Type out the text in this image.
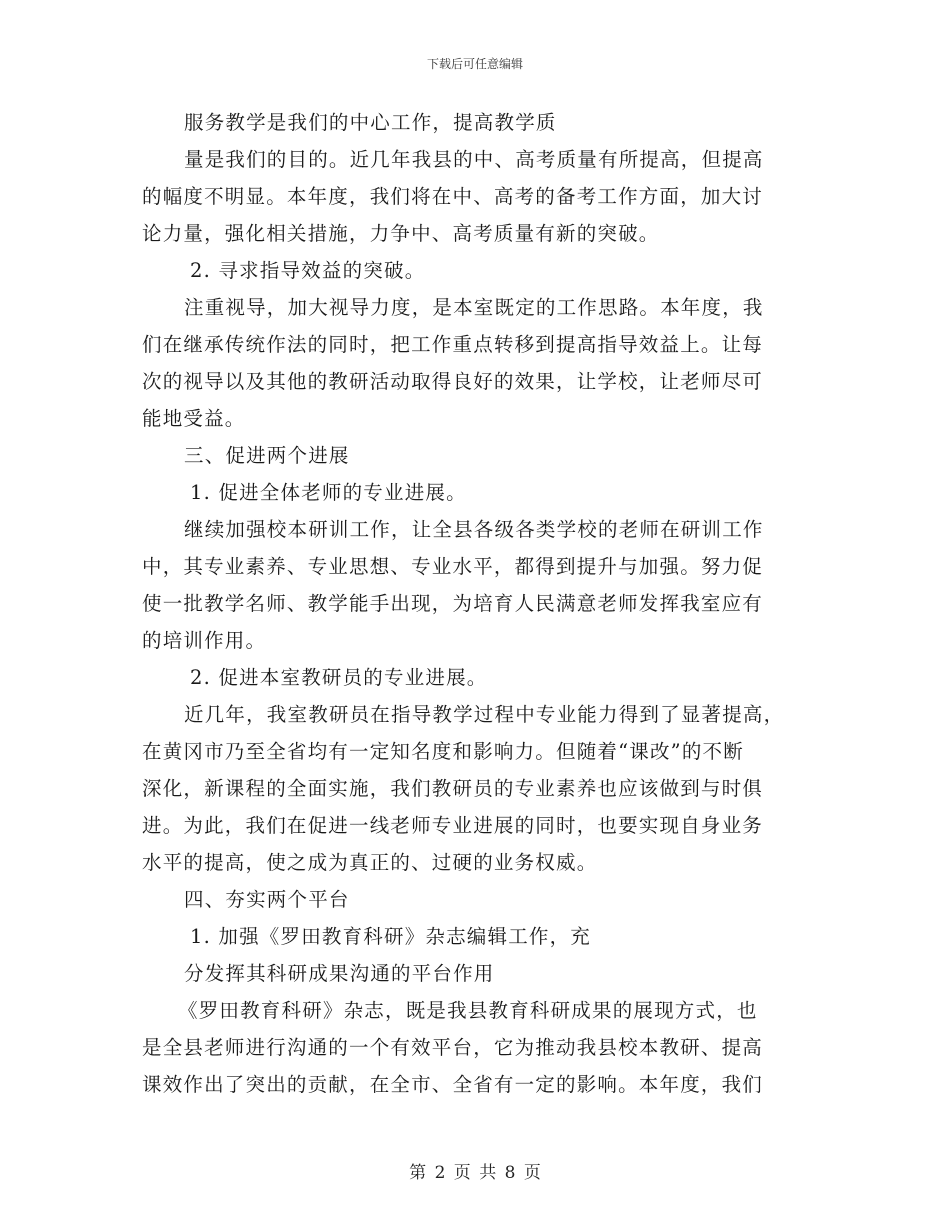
下载后可任意编辑
服务教学是我们的中心工作，提高教学质
量是我们的目的。近几年我县的中、高考质量有所提高，但提高
的幅度不明显。本年度，我们将在中、高考的备考工作方面，加大讨
论力量，强化相关措施，力争中、高考质量有新的突破。
2. 寻求指导效益的突破。
注重视导，加大视导力度，是本室既定的工作思路。本年度，我
们在继承传统作法的同时，把工作重点转移到提高指导效益上。让每
次的视导以及其他的教研活动取得良好的效果，让学校，让老师尽可
能地受益。
三、促进两个进展
1. 促进全体老师的专业进展。
继续加强校本研训工作，让全县各级各类学校的老师在研训工作
中，其专业素养、专业思想、专业水平，都得到提升与加强。努力促
使一批教学名师、教学能手出现，为培育人民满意老师发挥我室应有
的培训作用。
2. 促进本室教研员的专业进展。
近几年，我室教研员在指导教学过程中专业能力得到了显著提高，
在黄冈市乃至全省均有一定知名度和影响力。但随着“课改”的不断
深化，新课程的全面实施，我们教研员的专业素养也应该做到与时俱
进。为此，我们在促进一线老师专业进展的同时，也要实现自身业务
水平的提高，使之成为真正的、过硬的业务权威。
四、夯实两个平台
1. 加强《罗田教育科研》杂志编辑工作，充
分发挥其科研成果沟通的平台作用
《罗田教育科研》杂志，既是我县教育科研成果的展现方式，也
是全县老师进行沟通的一个有效平台，它为推动我县校本教研、提高
课效作出了突出的贡献，在全市、全省有一定的影响。本年度，我们
第 2 页 共 8 页
